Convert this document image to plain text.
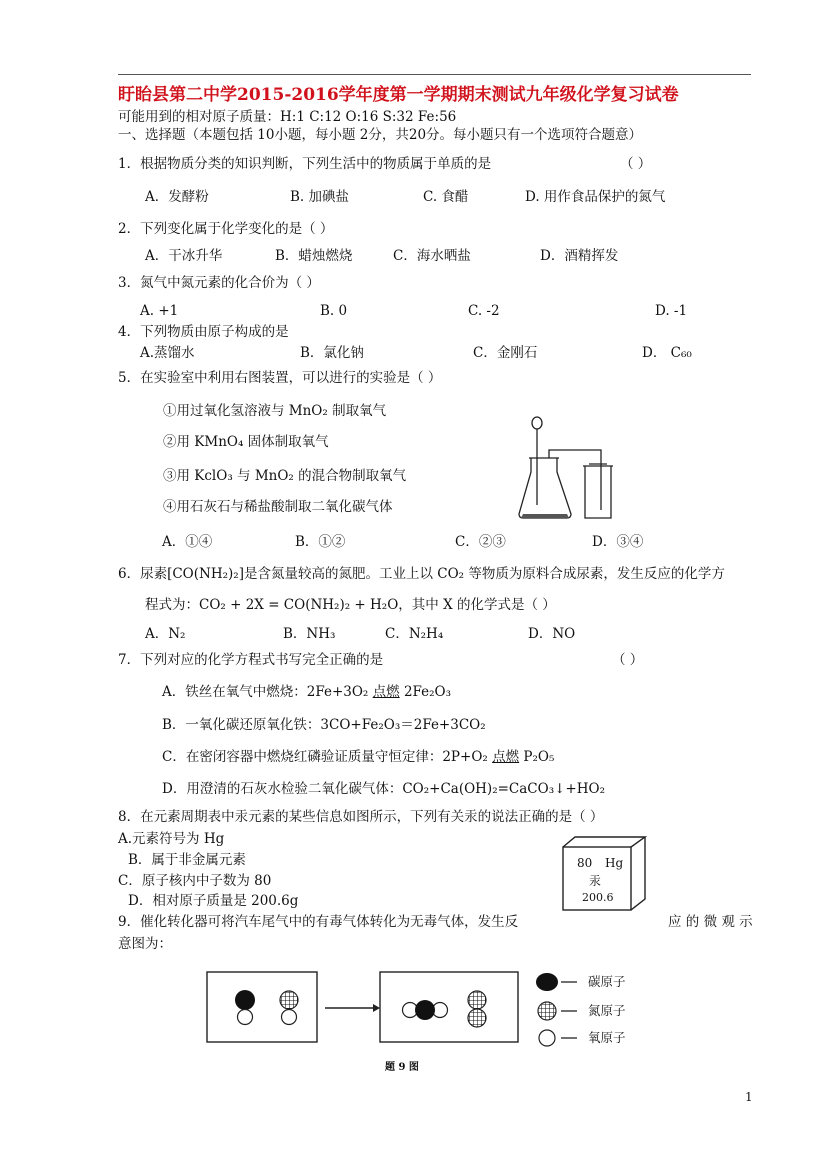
盱眙县第二中学2015-2016学年度第一学期期末测试九年级化学复习试卷
可能用到的相对原子质量：H:1 C:12 O:16 S:32 Fe:56
一、选择题（本题包括 10小题，每小题 2分，共20分。每小题只有一个选项符合题意）
1．根据物质分类的知识判断，下列生活中的物质属于单质的是	（ ）
A．发酵粉	B. 加碘盐	C. 食醋	D. 用作食品保护的氮气
2．下列变化属于化学变化的是（ ）
A．干冰升华	B．蜡烛燃烧	C．海水晒盐	D．酒精挥发
3．氮气中氮元素的化合价为（ ）
A. +1	B. 0	C. -2	D. -1
4．下列物质由原子构成的是
A.蒸馏水	B．氯化钠	C．金刚石	D． C₆₀
5．在实验室中利用右图装置，可以进行的实验是（ ）
①用过氧化氢溶液与 MnO₂ 制取氧气
②用 KMnO₄ 固体制取氧气
③用 KclO₃ 与 MnO₂ 的混合物制取氧气
④用石灰石与稀盐酸制取二氧化碳气体
A．①④	B．①②	C．②③	D．③④
6．尿素[CO(NH₂)₂]是含氮量较高的氮肥。工业上以 CO₂ 等物质为原料合成尿素，发生反应的化学方
程式为：CO₂ + 2X = CO(NH₂)₂ + H₂O，其中 X 的化学式是（ ）
A．N₂	B．NH₃	C．N₂H₄	D．NO
7．下列对应的化学方程式书写完全正确的是	（ ）
A．铁丝在氧气中燃烧：2Fe+3O₂ 点燃 2Fe₂O₃
B．一氧化碳还原氧化铁：3CO+Fe₂O₃＝2Fe+3CO₂
C．在密闭容器中燃烧红磷验证质量守恒定律：2P+O₂ 点燃 P₂O₅
D．用澄清的石灰水检验二氧化碳气体：CO₂+Ca(OH)₂=CaCO₃↓+HO₂
8．在元素周期表中汞元素的某些信息如图所示，下列有关汞的说法正确的是（ ）
A.元素符号为 Hg
B．属于非金属元素
C．原子核内中子数为 80
D．相对原子质量是 200.6g
80 Hg
汞
200.6
9．催化转化器可将汽车尾气中的有毒气体转化为无毒气体，发生反	应 的 微 观 示
意图为：
碳原子
氮原子
氧原子
题 9 图
1
